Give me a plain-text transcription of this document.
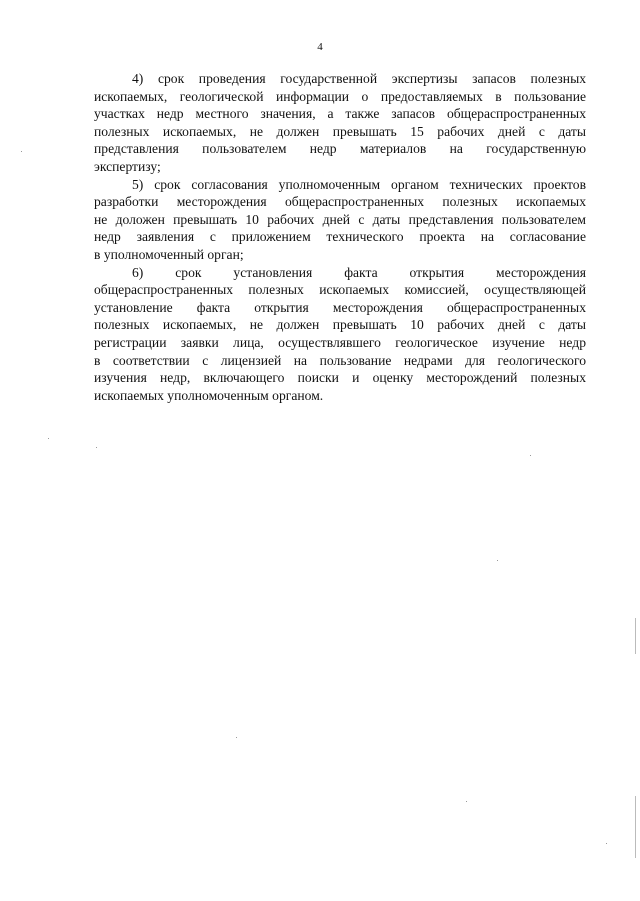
4
4) срок проведения государственной экспертизы запасов полезных
ископаемых, геологической информации о предоставляемых в пользование
участках недр местного значения, а также запасов общераспространенных
полезных ископаемых, не должен превышать 15 рабочих дней с даты
представления пользователем недр материалов на государственную
экспертизу;
5) срок согласования уполномоченным органом технических проектов
разработки месторождения общераспространенных полезных ископаемых
не доложен превышать 10 рабочих дней с даты представления пользователем
недр заявления с приложением технического проекта на согласование
в уполномоченный орган;
6) срок установления факта открытия месторождения
общераспространенных полезных ископаемых комиссией, осуществляющей
установление факта открытия месторождения общераспространенных
полезных ископаемых, не должен превышать 10 рабочих дней с даты
регистрации заявки лица, осуществлявшего геологическое изучение недр
в соответствии с лицензией на пользование недрами для геологического
изучения недр, включающего поиски и оценку месторождений полезных
ископаемых уполномоченным органом.
